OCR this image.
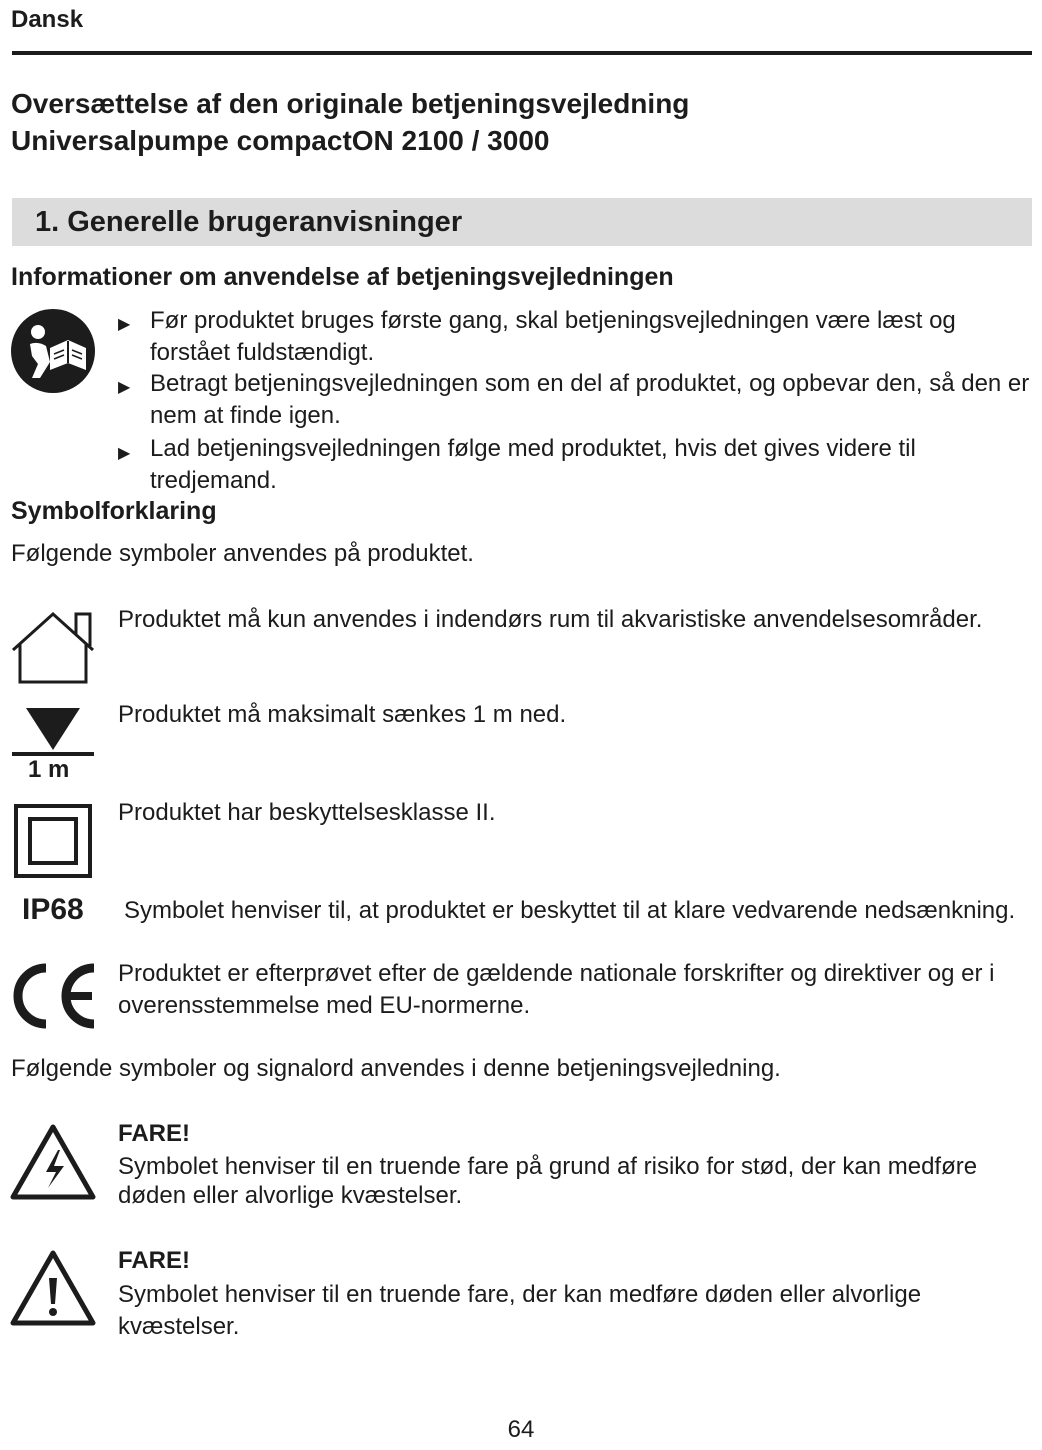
Dansk
Oversættelse af den originale betjeningsvejledning
Universalpumpe compactON 2100 / 3000
1. Generelle brugeranvisninger
Informationer om anvendelse af betjeningsvejledningen
▶ Før produktet bruges første gang, skal betjeningsvejledningen være læst og forstået fuldstændigt.
▶ Betragt betjeningsvejledningen som en del af produktet, og opbevar den, så den er nem at finde igen.
▶ Lad betjeningsvejledningen følge med produktet, hvis det gives videre til tredjemand.
Symbolforklaring
Følgende symboler anvendes på produktet.
Produktet må kun anvendes i indendørs rum til akvaristiske anvendelsesområder.
1 m
Produktet må maksimalt sænkes 1 m ned.
Produktet har beskyttelsesklasse II.
IP68 Symbolet henviser til, at produktet er beskyttet til at klare vedvarende nedsænkning.
Produktet er efterprøvet efter de gældende nationale forskrifter og direktiver og er i overensstemmelse med EU-normerne.
Følgende symboler og signalord anvendes i denne betjeningsvejledning.
FARE!
Symbolet henviser til en truende fare på grund af risiko for stød, der kan medføre døden eller alvorlige kvæstelser.
FARE!
Symbolet henviser til en truende fare, der kan medføre døden eller alvorlige kvæstelser.
64
